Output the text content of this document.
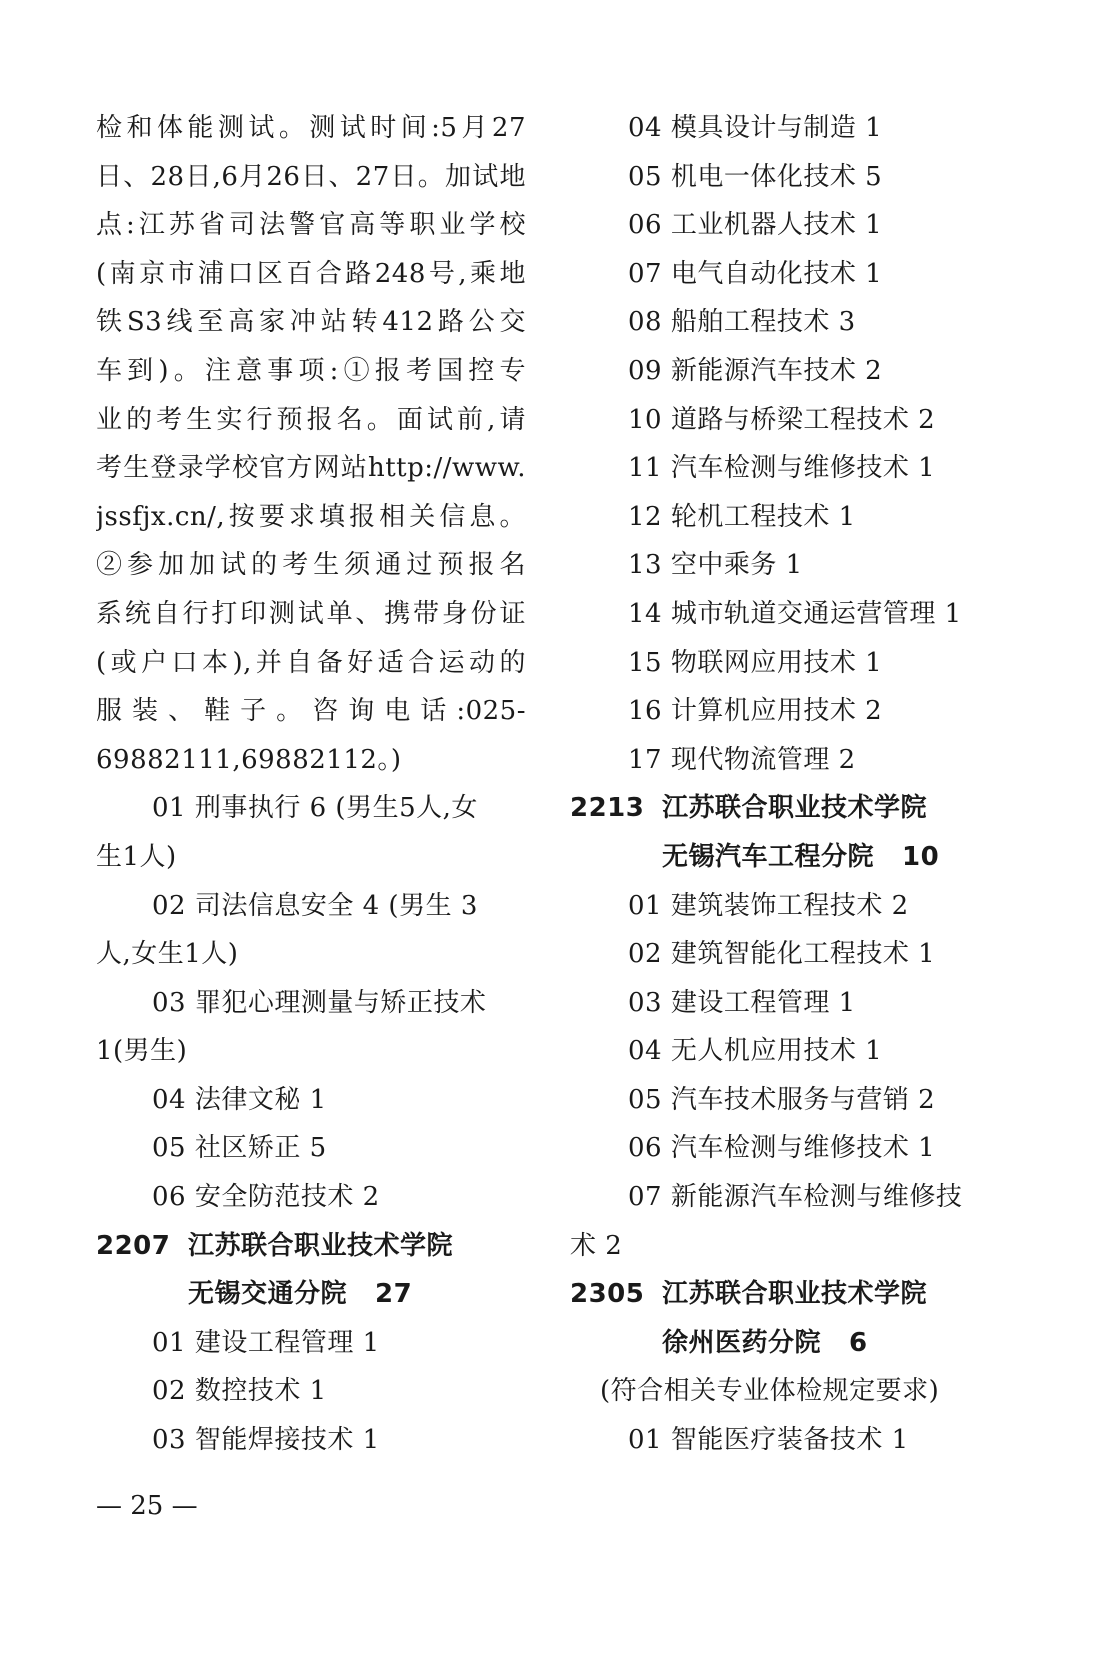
检和体能测试。测试时间:5月27
日、28日,6月26日、27日。加试地
点:江苏省司法警官高等职业学校
(南京市浦口区百合路248号,乘地
铁S3线至高家冲站转412路公交
车到)。注意事项:①报考国控专
业的考生实行预报名。面试前,请
考生登录学校官方网站http://www.
jssfjx.cn/,按要求填报相关信息。
②参加加试的考生须通过预报名
系统自行打印测试单、携带身份证
(或户口本),并自备好适合运动的
服装、鞋子。咨询电话:025-
69882111,69882112。)
01 刑事执行 6 (男生5人,女
生1人)
02 司法信息安全 4 (男生 3
人,女生1人)
03 罪犯心理测量与矫正技术
1(男生)
04 法律文秘 1
05 社区矫正 5
06 安全防范技术 2
2207 江苏联合职业技术学院
无锡交通分院 27
01 建设工程管理 1
02 数控技术 1
03 智能焊接技术 1
04 模具设计与制造 1
05 机电一体化技术 5
06 工业机器人技术 1
07 电气自动化技术 1
08 船舶工程技术 3
09 新能源汽车技术 2
10 道路与桥梁工程技术 2
11 汽车检测与维修技术 1
12 轮机工程技术 1
13 空中乘务 1
14 城市轨道交通运营管理 1
15 物联网应用技术 1
16 计算机应用技术 2
17 现代物流管理 2
2213 江苏联合职业技术学院
无锡汽车工程分院 10
01 建筑装饰工程技术 2
02 建筑智能化工程技术 1
03 建设工程管理 1
04 无人机应用技术 1
05 汽车技术服务与营销 2
06 汽车检测与维修技术 1
07 新能源汽车检测与维修技
术 2
2305 江苏联合职业技术学院
徐州医药分院 6
(符合相关专业体检规定要求)
01 智能医疗装备技术 1
— 25 —
